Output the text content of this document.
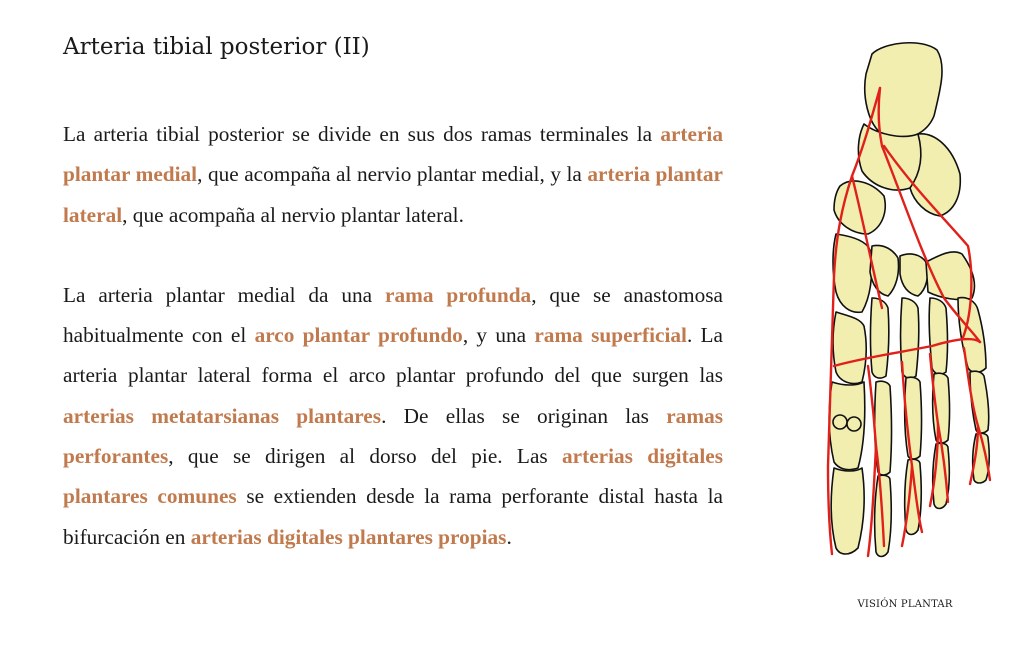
Arteria tibial posterior (II)

La arteria tibial posterior se divide en sus dos ramas terminales la arteria plantar medial, que acompaña al nervio plantar medial, y la arteria plantar lateral, que acompaña al nervio plantar lateral.

La arteria plantar medial da una rama profunda, que se anastomosa habitualmente con el arco plantar profundo, y una rama superficial. La arteria plantar lateral forma el arco plantar profundo del que surgen las arterias metatarsianas plantares. De ellas se originan las ramas perforantes, que se dirigen al dorso del pie. Las arterias digitales plantares comunes se extienden desde la rama perforante distal hasta la bifurcación en arterias digitales plantares propias.

VISIÓN PLANTAR
